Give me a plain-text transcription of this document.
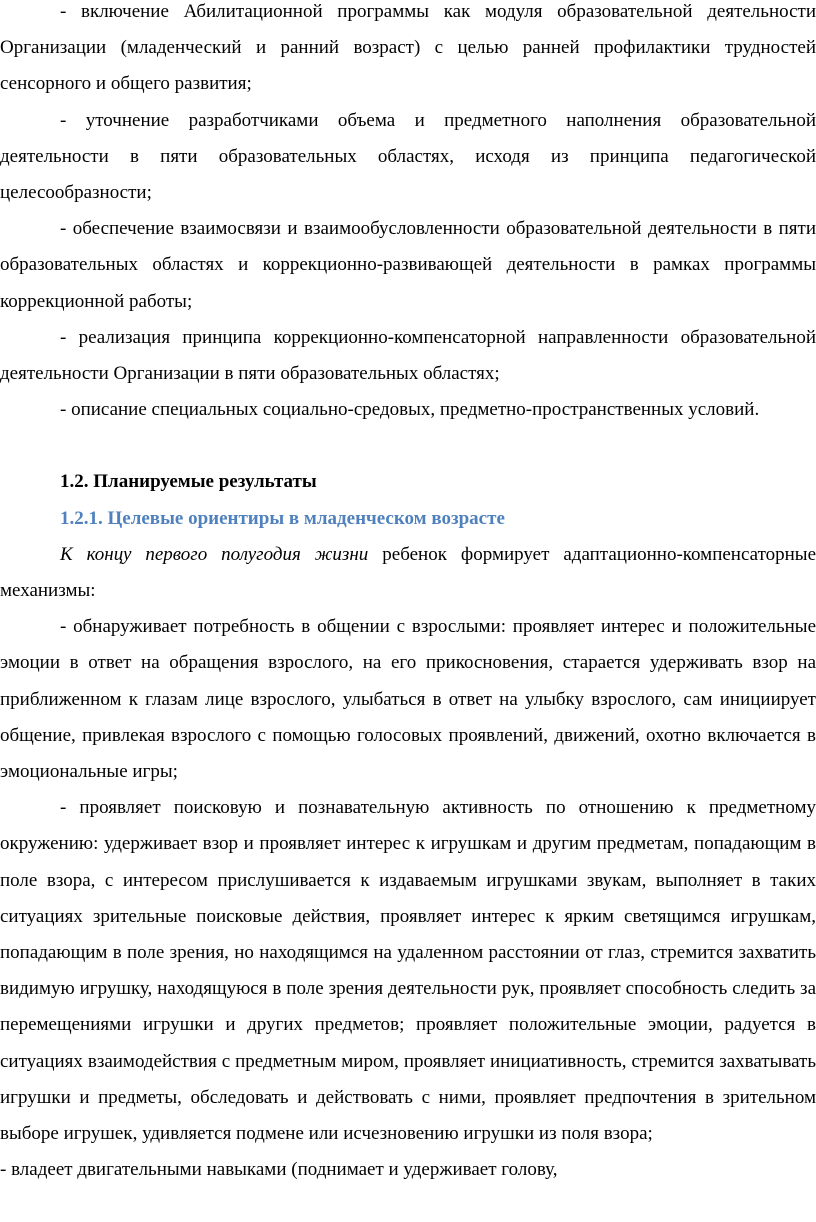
- включение Абилитационной программы как модуля образовательной деятельности Организации (младенческий и ранний возраст) с целью ранней профилактики трудностей сенсорного и общего развития;

- уточнение разработчиками объема и предметного наполнения образовательной деятельности в пяти образовательных областях, исходя из принципа педагогической целесообразности;

- обеспечение взаимосвязи и взаимообусловленности образовательной деятельности в пяти образовательных областях и коррекционно-развивающей деятельности в рамках программы коррекционной работы;

- реализация принципа коррекционно-компенсаторной направленности образовательной деятельности Организации в пяти образовательных областях;

- описание специальных социально-средовых, предметно-пространственных условий.

1.2. Планируемые результаты

1.2.1. Целевые ориентиры в младенческом возрасте

К концу первого полугодия жизни ребенок формирует адаптационно-компенсаторные механизмы:

- обнаруживает потребность в общении с взрослыми: проявляет интерес и положительные эмоции в ответ на обращения взрослого, на его прикосновения, старается удерживать взор на приближенном к глазам лице взрослого, улыбаться в ответ на улыбку взрослого, сам инициирует общение, привлекая взрослого с помощью голосовых проявлений, движений, охотно включается в эмоциональные игры;

- проявляет поисковую и познавательную активность по отношению к предметному окружению: удерживает взор и проявляет интерес к игрушкам и другим предметам, попадающим в поле взора, с интересом прислушивается к издаваемым игрушками звукам, выполняет в таких ситуациях зрительные поисковые действия, проявляет интерес к ярким светящимся игрушкам, попадающим в поле зрения, но находящимся на удаленном расстоянии от глаз, стремится захватить видимую игрушку, находящуюся в поле зрения деятельности рук, проявляет способность следить за перемещениями игрушки и других предметов; проявляет положительные эмоции, радуется в ситуациях взаимодействия с предметным миром, проявляет инициативность, стремится захватывать игрушки и предметы, обследовать и действовать с ними, проявляет предпочтения в зрительном выборе игрушек, удивляется подмене или исчезновению игрушки из поля взора;

- владеет двигательными навыками (поднимает и удерживает голову,
